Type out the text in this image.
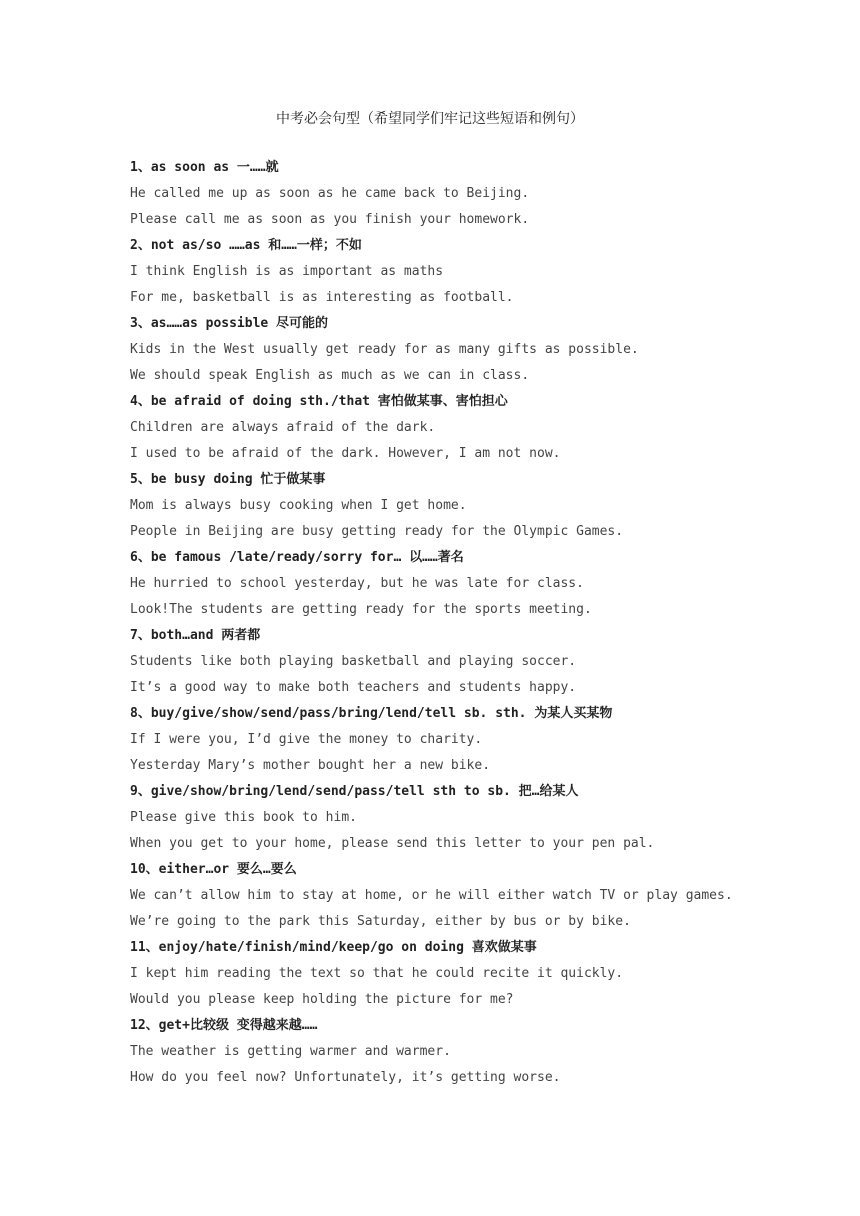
中考必会句型（希望同学们牢记这些短语和例句）
1、as soon as 一……就
He called me up as soon as he came back to Beijing.
Please call me as soon as you finish your homework.
2、not as/so ……as 和……一样；不如
I think English is as important as maths
For me, basketball is as interesting as football.
3、as……as possible 尽可能的
Kids in the West usually get ready for as many gifts as possible.
We should speak English as much as we can in class.
4、be afraid of doing sth./that 害怕做某事、害怕担心
Children are always afraid of the dark.
I used to be afraid of the dark. However, I am not now.
5、be busy doing 忙于做某事
Mom is always busy cooking when I get home.
People in Beijing are busy getting ready for the Olympic Games.
6、be famous /late/ready/sorry for… 以……著名
He hurried to school yesterday, but he was late for class.
Look!The students are getting ready for the sports meeting.
7、both…and 两者都
Students like both playing basketball and playing soccer.
It’s a good way to make both teachers and students happy.
8、buy/give/show/send/pass/bring/lend/tell sb. sth. 为某人买某物
If I were you, I’d give the money to charity.
Yesterday Mary’s mother bought her a new bike.
9、give/show/bring/lend/send/pass/tell sth to sb. 把…给某人
Please give this book to him.
When you get to your home, please send this letter to your pen pal.
10、either…or 要么…要么
We can’t allow him to stay at home, or he will either watch TV or play games.
We’re going to the park this Saturday, either by bus or by bike.
11、enjoy/hate/finish/mind/keep/go on doing 喜欢做某事
I kept him reading the text so that he could recite it quickly.
Would you please keep holding the picture for me?
12、get+比较级 变得越来越……
The weather is getting warmer and warmer.
How do you feel now? Unfortunately, it’s getting worse.
